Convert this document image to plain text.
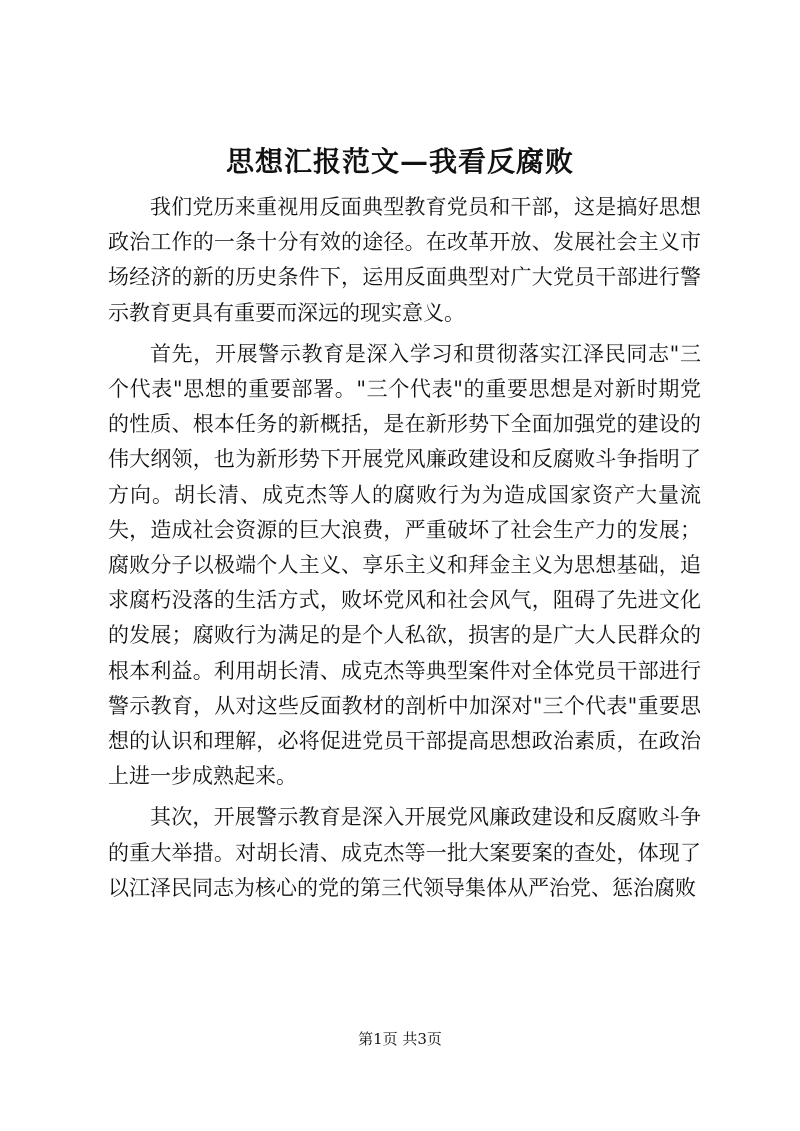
思想汇报范文—我看反腐败

我们党历来重视用反面典型教育党员和干部，这是搞好思想政治工作的一条十分有效的途径。在改革开放、发展社会主义市场经济的新的历史条件下，运用反面典型对广大党员干部进行警示教育更具有重要而深远的现实意义。

首先，开展警示教育是深入学习和贯彻落实江泽民同志"三个代表"思想的重要部署。"三个代表"的重要思想是对新时期党的性质、根本任务的新概括，是在新形势下全面加强党的建设的伟大纲领，也为新形势下开展党风廉政建设和反腐败斗争指明了方向。胡长清、成克杰等人的腐败行为为造成国家资产大量流失，造成社会资源的巨大浪费，严重破坏了社会生产力的发展；腐败分子以极端个人主义、享乐主义和拜金主义为思想基础，追求腐朽没落的生活方式，败坏党风和社会风气，阻碍了先进文化的发展；腐败行为满足的是个人私欲，损害的是广大人民群众的根本利益。利用胡长清、成克杰等典型案件对全体党员干部进行警示教育，从对这些反面教材的剖析中加深对"三个代表"重要思想的认识和理解，必将促进党员干部提高思想政治素质，在政治上进一步成熟起来。

其次，开展警示教育是深入开展党风廉政建设和反腐败斗争的重大举措。对胡长清、成克杰等一批大案要案的查处，体现了以江泽民同志为核心的党的第三代领导集体从严治党、惩治腐败

第1页 共3页
